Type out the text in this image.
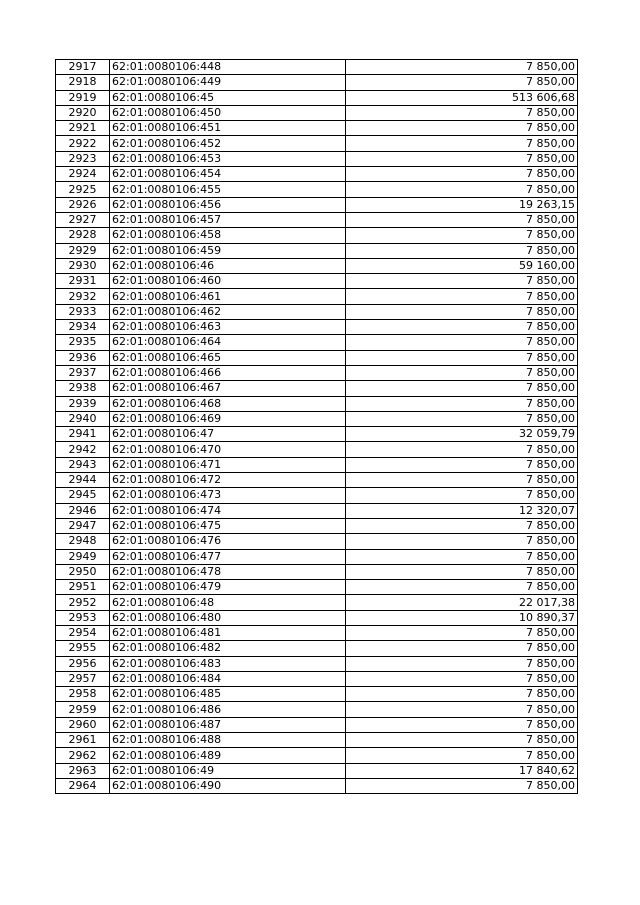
2917	62:01:0080106:448	7 850,00
2918	62:01:0080106:449	7 850,00
2919	62:01:0080106:45	513 606,68
2920	62:01:0080106:450	7 850,00
2921	62:01:0080106:451	7 850,00
2922	62:01:0080106:452	7 850,00
2923	62:01:0080106:453	7 850,00
2924	62:01:0080106:454	7 850,00
2925	62:01:0080106:455	7 850,00
2926	62:01:0080106:456	19 263,15
2927	62:01:0080106:457	7 850,00
2928	62:01:0080106:458	7 850,00
2929	62:01:0080106:459	7 850,00
2930	62:01:0080106:46	59 160,00
2931	62:01:0080106:460	7 850,00
2932	62:01:0080106:461	7 850,00
2933	62:01:0080106:462	7 850,00
2934	62:01:0080106:463	7 850,00
2935	62:01:0080106:464	7 850,00
2936	62:01:0080106:465	7 850,00
2937	62:01:0080106:466	7 850,00
2938	62:01:0080106:467	7 850,00
2939	62:01:0080106:468	7 850,00
2940	62:01:0080106:469	7 850,00
2941	62:01:0080106:47	32 059,79
2942	62:01:0080106:470	7 850,00
2943	62:01:0080106:471	7 850,00
2944	62:01:0080106:472	7 850,00
2945	62:01:0080106:473	7 850,00
2946	62:01:0080106:474	12 320,07
2947	62:01:0080106:475	7 850,00
2948	62:01:0080106:476	7 850,00
2949	62:01:0080106:477	7 850,00
2950	62:01:0080106:478	7 850,00
2951	62:01:0080106:479	7 850,00
2952	62:01:0080106:48	22 017,38
2953	62:01:0080106:480	10 890,37
2954	62:01:0080106:481	7 850,00
2955	62:01:0080106:482	7 850,00
2956	62:01:0080106:483	7 850,00
2957	62:01:0080106:484	7 850,00
2958	62:01:0080106:485	7 850,00
2959	62:01:0080106:486	7 850,00
2960	62:01:0080106:487	7 850,00
2961	62:01:0080106:488	7 850,00
2962	62:01:0080106:489	7 850,00
2963	62:01:0080106:49	17 840,62
2964	62:01:0080106:490	7 850,00
